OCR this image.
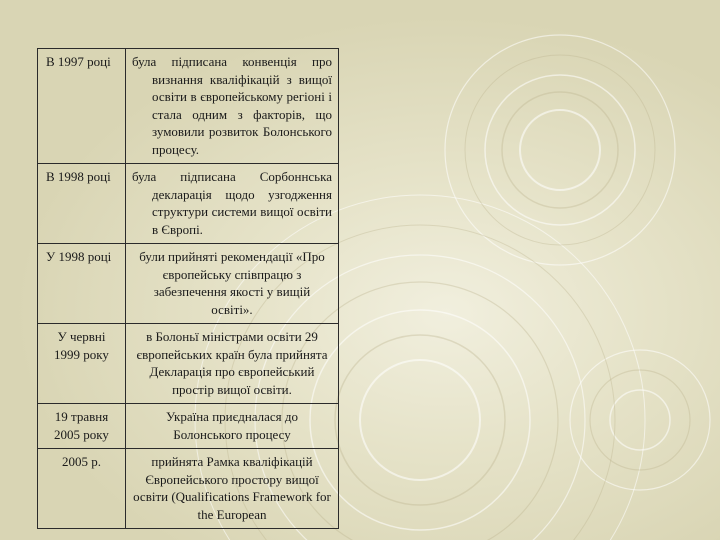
В 1997 році	була підписана конвенція про визнання кваліфікацій з вищої освіти в європейському регіоні і стала одним з факторів, що зумовили розвиток Болонського процесу.
В 1998 році	була підписана Сорбоннська декларація щодо узгодження структури системи вищої освіти в Європі.
У 1998 році	були прийняті рекомендації «Про європейську співпрацю з забезпечення якості у вищій освіті».
У червні 1999 року	в Болоньї міністрами освіти 29 європейських країн була прийнята Декларація про європейський простір вищої освіти.
19 травня 2005 року	Україна приєдналася до Болонського процесу
2005 р.	прийнята Рамка кваліфікацій Європейського простору вищої освіти (Qualifications Framework for the European
